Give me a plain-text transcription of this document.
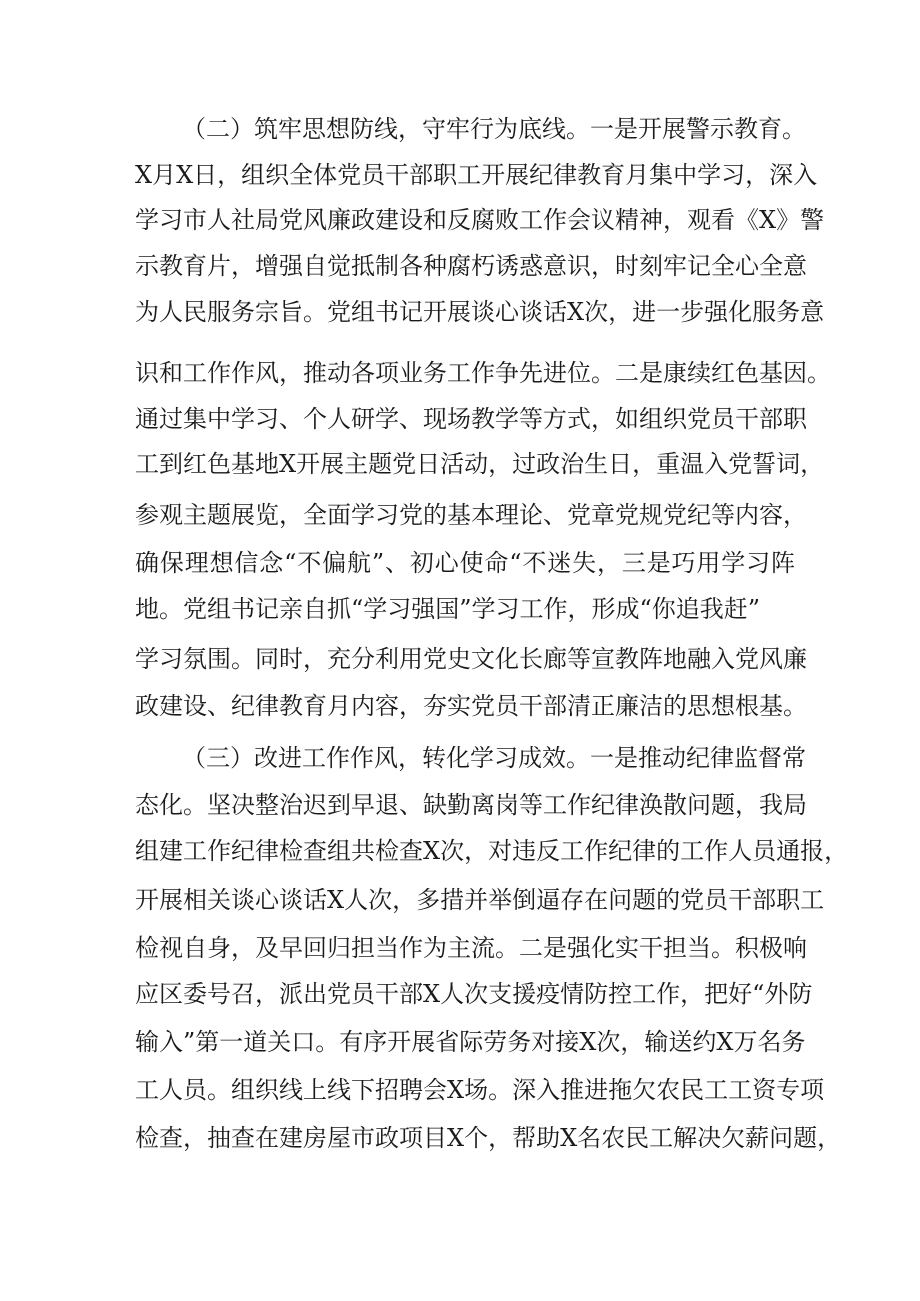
（二）筑牢思想防线，守牢行为底线。一是开展警示教育。
X月X日，组织全体党员干部职工开展纪律教育月集中学习，深入
学习市人社局党风廉政建设和反腐败工作会议精神，观看《X》警
示教育片，增强自觉抵制各种腐朽诱惑意识，时刻牢记全心全意
为人民服务宗旨。党组书记开展谈心谈话X次，进一步强化服务意
识和工作作风，推动各项业务工作争先进位。二是康续红色基因。
通过集中学习、个人研学、现场教学等方式，如组织党员干部职
工到红色基地X开展主题党日活动，过政治生日，重温入党誓词，
参观主题展览，全面学习党的基本理论、党章党规党纪等内容，
确保理想信念“不偏航”、初心使命“不迷失，三是巧用学习阵
地。党组书记亲自抓“学习强国”学习工作，形成“你追我赶”
学习氛围。同时，充分利用党史文化长廊等宣教阵地融入党风廉
政建设、纪律教育月内容，夯实党员干部清正廉洁的思想根基。
（三）改进工作作风，转化学习成效。一是推动纪律监督常
态化。坚决整治迟到早退、缺勤离岗等工作纪律涣散问题，我局
组建工作纪律检查组共检查X次，对违反工作纪律的工作人员通报，
开展相关谈心谈话X人次，多措并举倒逼存在问题的党员干部职工
检视自身，及早回归担当作为主流。二是强化实干担当。积极响
应区委号召，派出党员干部X人次支援疫情防控工作，把好“外防
输入”第一道关口。有序开展省际劳务对接X次，输送约X万名务
工人员。组织线上线下招聘会X场。深入推进拖欠农民工工资专项
检查，抽查在建房屋市政项目X个，帮助X名农民工解决欠薪问题，
